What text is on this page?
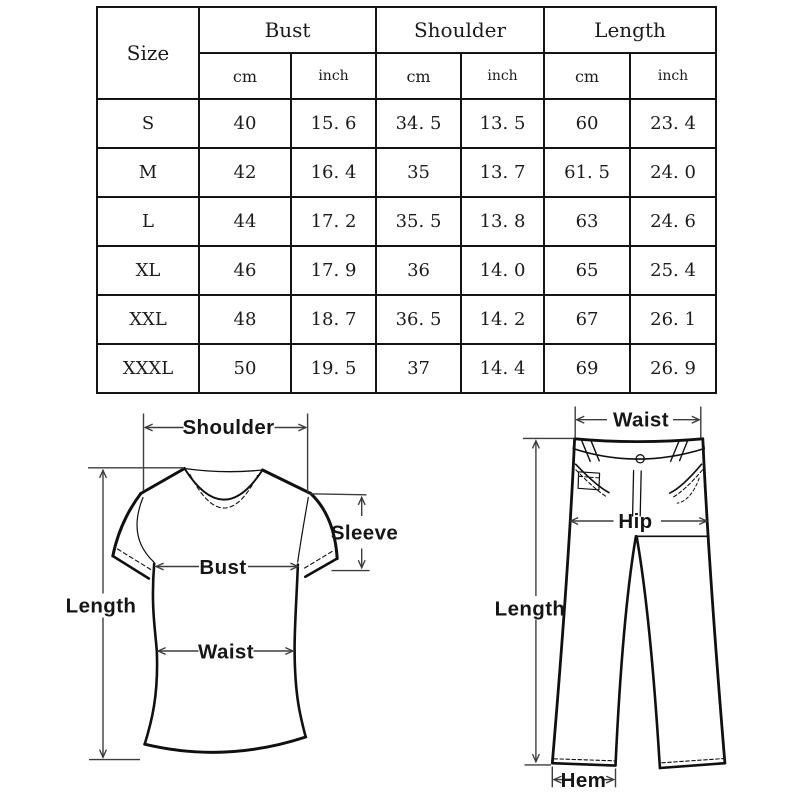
Size	Bust		Shoulder		Length	
	cm	inch	cm	inch	cm	inch
S	40	15. 6	34. 5	13. 5	60	23. 4
M	42	16. 4	35	13. 7	61. 5	24. 0
L	44	17. 2	35. 5	13. 8	63	24. 6
XL	46	17. 9	36	14. 0	65	25. 4
XXL	48	18. 7	36. 5	14. 2	67	26. 1
XXXL	50	19. 5	37	14. 4	69	26. 9
Shoulder
Sleeve
Bust
Length
Waist
Waist
Hip
Length
Hem
